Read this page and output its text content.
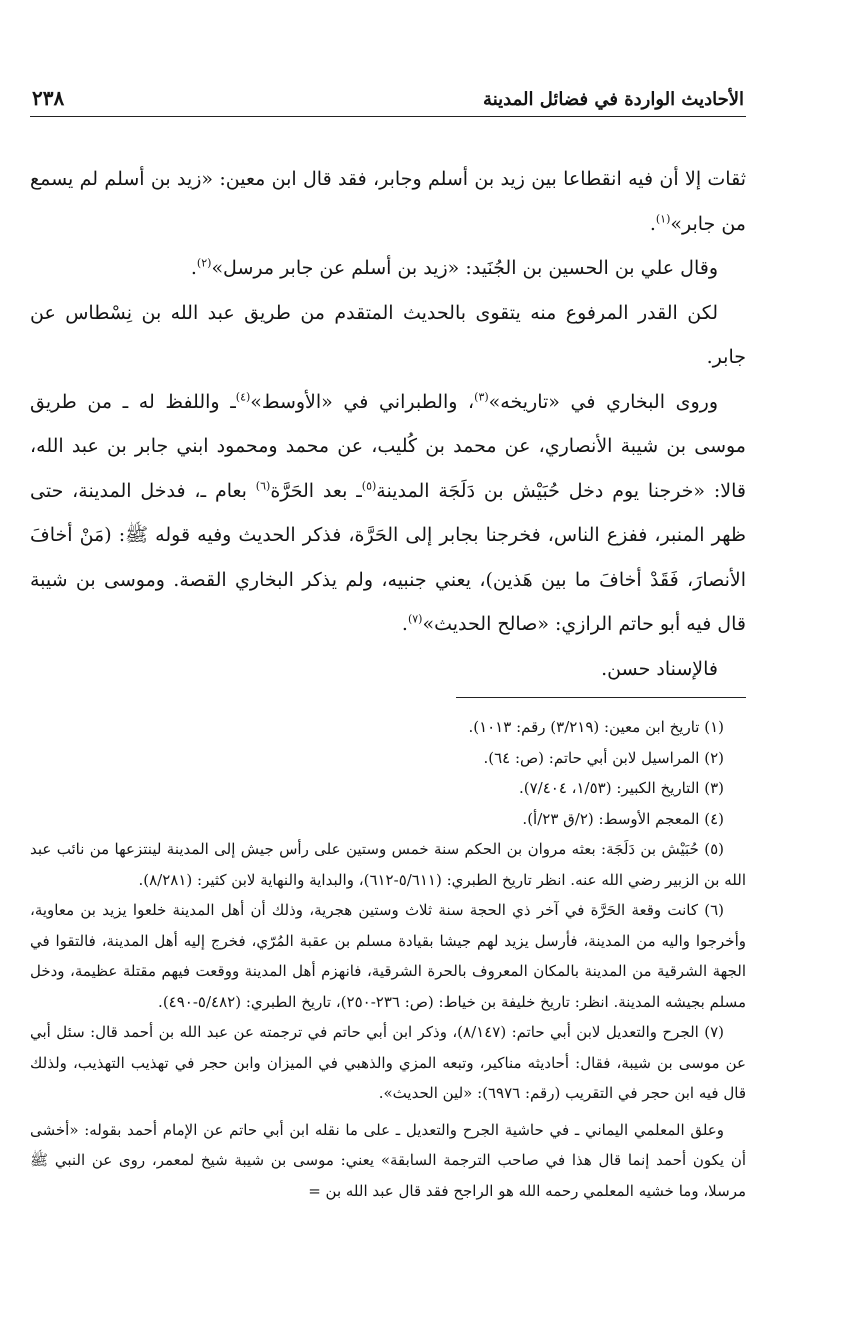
الأحاديث الواردة في فضائل المدينة
٢٣٨

ثقات إلا أن فيه انقطاعا بين زيد بن أسلم وجابر، فقد قال ابن معين: «زيد بن أسلم لم يسمع من جابر»$^{(١)}$.

وقال علي بن الحسين بن الجُنَيد: «زيد بن أسلم عن جابر مرسل»$^{(٢)}$.

لكن القدر المرفوع منه يتقوى بالحديث المتقدم من طريق عبد الله بن نِسْطاس عن جابر.

وروى البخاري في «تاريخه»$^{(٣)}$، والطبراني في «الأوسط»$^{(٤)}$ـ واللفظ له ـ من طريق موسى بن شيبة الأنصاري، عن محمد بن كُليب، عن محمد ومحمود ابني جابر بن عبد الله، قالا: «خرجنا يوم دخل حُبَيْش بن دَلَجَة المدينة$^{(٥)}$ـ بعد الحَرَّة$^{(٦)}$ بعام ـ، فدخل المدينة، حتى ظهر المنبر، ففزع الناس، فخرجنا بجابر إلى الحَرَّة، فذكر الحديث وفيه قوله ﷺ: (مَنْ أخافَ الأنصارَ، فَقَدْ أخافَ ما بين هَذين)، يعني جنبيه، ولم يذكر البخاري القصة. وموسى بن شيبة قال فيه أبو حاتم الرازي: «صالح الحديث»$^{(٧)}$.

فالإسناد حسن.

(١) تاريخ ابن معين: (٣/٢١٩) رقم: ١٠١٣).

(٢) المراسيل لابن أبي حاتم: (ص: ٦٤).

(٣) التاريخ الكبير: (١/٥٣، ٧/٤٠٤).

(٤) المعجم الأوسط: (٢/ق ٢٣/أ).

(٥) حُبَيْش بن دَلَجَة: بعثه مروان بن الحكم سنة خمس وستين على رأس جيش إلى المدينة لينتزعها من نائب عبد الله بن الزبير رضي الله عنه. انظر تاريخ الطبري: (٥/٦١١-٦١٢)، والبداية والنهاية لابن كثير: (٨/٢٨١).

(٦) كانت وقعة الحَرَّة في آخر ذي الحجة سنة ثلاث وستين هجرية، وذلك أن أهل المدينة خلعوا يزيد بن معاوية، وأخرجوا واليه من المدينة، فأرسل يزيد لهم جيشا بقيادة مسلم بن عقبة المُرّي، فخرج إليه أهل المدينة، فالتقوا في الجهة الشرقية من المدينة بالمكان المعروف بالحرة الشرقية، فانهزم أهل المدينة ووقعت فيهم مقتلة عظيمة، ودخل مسلم بجيشه المدينة. انظر: تاريخ خليفة بن خياط: (ص: ٢٣٦-٢٥٠)، تاريخ الطبري: (٥/٤٨٢-٤٩٠).

(٧) الجرح والتعديل لابن أبي حاتم: (٨/١٤٧)، وذكر ابن أبي حاتم في ترجمته عن عبد الله بن أحمد قال: سئل أبي عن موسى بن شيبة، فقال: أحاديثه مناكير، وتبعه المزي والذهبي في الميزان وابن حجر في تهذيب التهذيب، ولذلك قال فيه ابن حجر في التقريب (رقم: ٦٩٧٦): «لين الحديث».

وعلق المعلمي اليماني ـ في حاشية الجرح والتعديل ـ على ما نقله ابن أبي حاتم عن الإمام أحمد بقوله: «أخشى أن يكون أحمد إنما قال هذا في صاحب الترجمة السابقة» يعني: موسى بن شيبة شيخ لمعمر، روى عن النبي ﷺ مرسلا، وما خشيه المعلمي رحمه الله هو الراجح فقد قال عبد الله بن =
